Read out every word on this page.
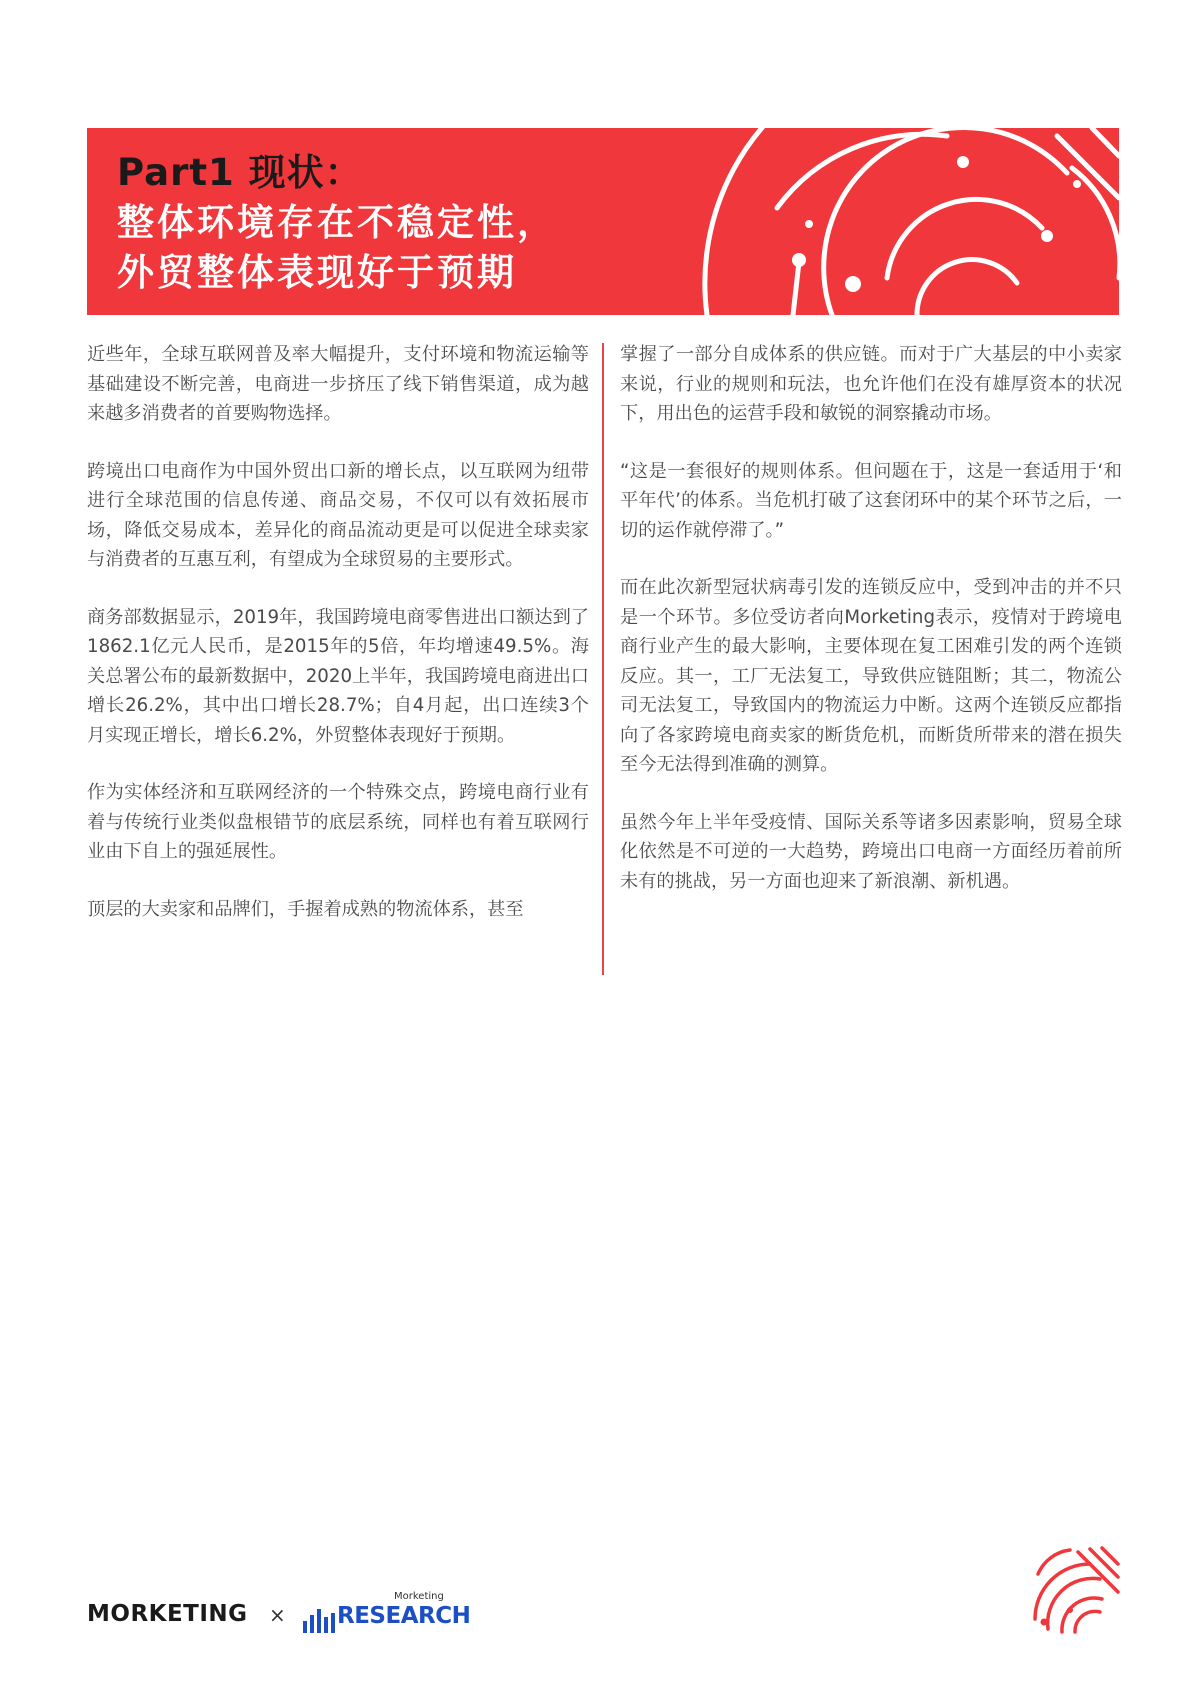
Part1 现状：
整体环境存在不稳定性，
外贸整体表现好于预期

近些年，全球互联网普及率大幅提升，支付环境和物流运输等基础建设不断完善，电商进一步挤压了线下销售渠道，成为越来越多消费者的首要购物选择。

跨境出口电商作为中国外贸出口新的增长点，以互联网为纽带进行全球范围的信息传递、商品交易，不仅可以有效拓展市场，降低交易成本，差异化的商品流动更是可以促进全球卖家与消费者的互惠互利，有望成为全球贸易的主要形式。

商务部数据显示，2019年，我国跨境电商零售进出口额达到了1862.1亿元人民币，是2015年的5倍，年均增速49.5%。海关总署公布的最新数据中，2020上半年，我国跨境电商进出口增长26.2%，其中出口增长28.7%；自4月起，出口连续3个月实现正增长，增长6.2%，外贸整体表现好于预期。

作为实体经济和互联网经济的一个特殊交点，跨境电商行业有着与传统行业类似盘根错节的底层系统，同样也有着互联网行业由下自上的强延展性。

顶层的大卖家和品牌们，手握着成熟的物流体系，甚至

掌握了一部分自成体系的供应链。而对于广大基层的中小卖家来说，行业的规则和玩法，也允许他们在没有雄厚资本的状况下，用出色的运营手段和敏锐的洞察撬动市场。

“这是一套很好的规则体系。但问题在于，这是一套适用于‘和平年代’的体系。当危机打破了这套闭环中的某个环节之后，一切的运作就停滞了。”

而在此次新型冠状病毒引发的连锁反应中，受到冲击的并不只是一个环节。多位受访者向Morketing表示，疫情对于跨境电商行业产生的最大影响，主要体现在复工困难引发的两个连锁反应。其一，工厂无法复工，导致供应链阻断；其二，物流公司无法复工，导致国内的物流运力中断。这两个连锁反应都指向了各家跨境电商卖家的断货危机，而断货所带来的潜在损失至今无法得到准确的测算。

虽然今年上半年受疫情、国际关系等诸多因素影响，贸易全球化依然是不可逆的一大趋势，跨境出口电商一方面经历着前所未有的挑战，另一方面也迎来了新浪潮、新机遇。

MORKETING ×
Morketing
RESEARCH
